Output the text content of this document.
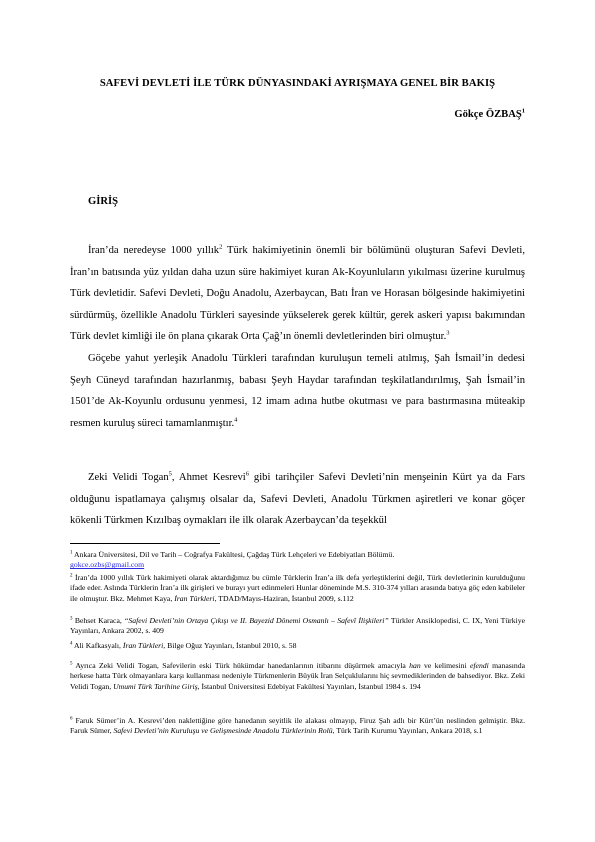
SAFEVİ DEVLETİ İLE TÜRK DÜNYASINDAKİ AYRIŞMAYA GENEL BİR BAKIŞ
Gökçe ÖZBAŞ$^1$
GİRİŞ

İran’da neredeyse 1000 yıllık$^2$ Türk hakimiyetinin önemli bir bölümünü oluşturan Safevi Devleti, İran’ın batısında yüz yıldan daha uzun süre hakimiyet kuran Ak-Koyunluların yıkılması üzerine kurulmuş Türk devletidir. Safevi Devleti, Doğu Anadolu, Azerbaycan, Batı İran ve Horasan bölgesinde hakimiyetini sürdürmüş, özellikle Anadolu Türkleri sayesinde yükselerek gerek kültür, gerek askeri yapısı bakımından Türk devlet kimliği ile ön plana çıkarak Orta Çağ’ın önemli devletlerinden biri olmuştur.$^3$

Göçebe yahut yerleşik Anadolu Türkleri tarafından kuruluşun temeli atılmış, Şah İsmail’in dedesi Şeyh Cüneyd tarafından hazırlanmış, babası Şeyh Haydar tarafından teşkilatlandırılmış, Şah İsmail’in 1501’de Ak-Koyunlu ordusunu yenmesi, 12 imam adına hutbe okutması ve para bastırmasına müteakip resmen kuruluş süreci tamamlanmıştır.$^4$

Zeki Velidi Togan$^5$, Ahmet Kesrevi$^6$ gibi tarihçiler Safevi Devleti’nin menşeinin Kürt ya da Fars olduğunu ispatlamaya çalışmış olsalar da, Safevi Devleti, Anadolu Türkmen aşiretleri ve konar göçer kökenli Türkmen Kızılbaş oymakları ile ilk olarak Azerbaycan’da teşekkül

$^1$ Ankara Üniversitesi, Dil ve Tarih – Coğrafya Fakültesi, Çağdaş Türk Lehçeleri ve Edebiyatları Bölümü.
gokce.ozbs@gmail.com

$^2$ İran’da 1000 yıllık Türk hakimiyeti olarak aktardığımız bu cümle Türklerin İran’a ilk defa yerleştiklerini değil, Türk devletlerinin kurulduğunu ifade eder. Aslında Türklerin İran’a ilk girişleri ve burayı yurt edinmeleri Hunlar döneminde M.S. 310-374 yılları arasında batıya göç eden kabileler ile olmuştur. Bkz. Mehmet Kaya, İran Türkleri, TDAD/Mayıs-Haziran, İstanbul 2009, s.112

$^3$ Behset Karaca, “Safevi Devleti’nin Ortaya Çıkışı ve II. Bayezid Dönemi Osmanlı – Safevî İlişkileri” Türkler Ansiklopedisi, C. IX, Yeni Türkiye Yayınları, Ankara 2002, s. 409

$^4$ Ali Kafkasyalı, İran Türkleri, Bilge Oğuz Yayınları, İstanbul 2010, s. 58

$^5$ Ayrıca Zeki Velidi Togan, Safevilerin eski Türk hükümdar hanedanlarının itibarını düşürmek amacıyla han ve kelimesini efendi manasında herkese hatta Türk olmayanlara karşı kullanması nedeniyle Türkmenlerin Büyük İran Selçuklularını hiç sevmediklerinden de bahsediyor. Bkz. Zeki Velidi Togan, Umumi Türk Tarihine Giriş, İstanbul Üniversitesi Edebiyat Fakültesi Yayınları, İstanbul 1984 s. 194

$^6$ Faruk Sümer’in A. Kesrevi’den naklettiğine göre hanedanın seyitlik ile alakası olmayıp, Firuz Şah adlı bir Kürt’ün neslinden gelmiştir. Bkz. Faruk Sümer, Safevi Devleti’nin Kuruluşu ve Gelişmesinde Anadolu Türklerinin Rolü, Türk Tarih Kurumu Yayınları, Ankara 2018, s.1
